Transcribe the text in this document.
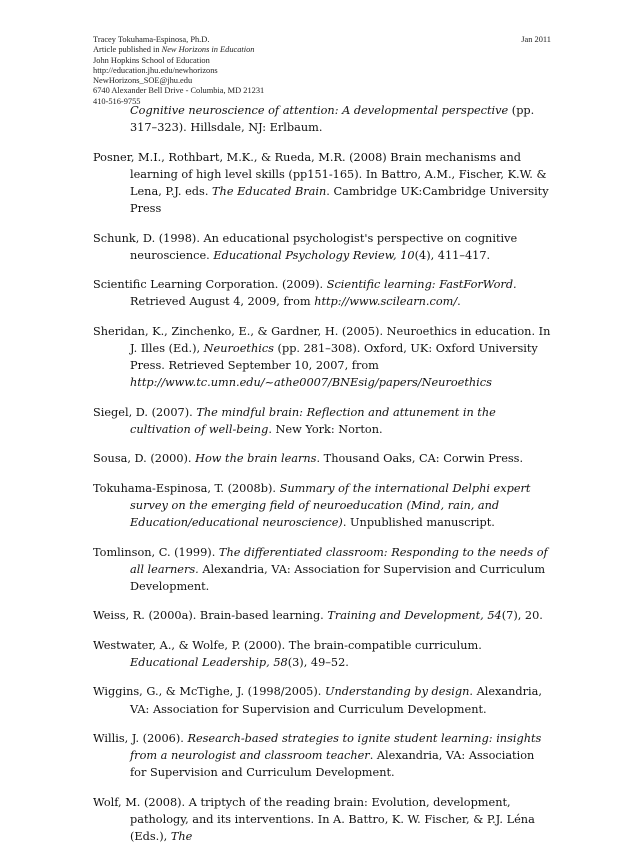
Tracey Tokuhama-Espinosa, Ph.D.	Jan 2011
Article published in New Horizons in Education
John Hopkins School of Education
http://education.jhu.edu/newhorizons
NewHorizons_SOE@jhu.edu
6740 Alexander Bell Drive - Columbia, MD 21231
410-516-9755
Cognitive neuroscience of attention: A developmental perspective (pp. 317–323). Hillsdale, NJ: Erlbaum.
Posner, M.I., Rothbart, M.K., & Rueda, M.R. (2008) Brain mechanisms and learning of high level skills (pp151-165). In Battro, A.M., Fischer, K.W. & Lena, P.J. eds. The Educated Brain. Cambridge UK:Cambridge University Press
Schunk, D. (1998). An educational psychologist's perspective on cognitive neuroscience. Educational Psychology Review, 10(4), 411–417.
Scientific Learning Corporation. (2009). Scientific learning: FastForWord. Retrieved August 4, 2009, from http://www.scilearn.com/.
Sheridan, K., Zinchenko, E., & Gardner, H. (2005). Neuroethics in education. In J. Illes (Ed.), Neuroethics (pp. 281–308). Oxford, UK: Oxford University Press. Retrieved September 10, 2007, from http://www.tc.umn.edu/~athe0007/BNEsig/papers/Neuroethics
Siegel, D. (2007). The mindful brain: Reflection and attunement in the cultivation of well-being. New York: Norton.
Sousa, D. (2000). How the brain learns. Thousand Oaks, CA: Corwin Press.
Tokuhama-Espinosa, T. (2008b). Summary of the international Delphi expert survey on the emerging field of neuroeducation (Mind, rain, and Education/educational neuroscience). Unpublished manuscript.
Tomlinson, C. (1999). The differentiated classroom: Responding to the needs of all learners. Alexandria, VA: Association for Supervision and Curriculum Development.
Weiss, R. (2000a). Brain-based learning. Training and Development, 54(7), 20.
Westwater, A., & Wolfe, P. (2000). The brain-compatible curriculum. Educational Leadership, 58(3), 49–52.
Wiggins, G., & McTighe, J. (1998/2005). Understanding by design. Alexandria, VA: Association for Supervision and Curriculum Development.
Willis, J. (2006). Research-based strategies to ignite student learning: insights from a neurologist and classroom teacher. Alexandria, VA: Association for Supervision and Curriculum Development.
Wolf, M. (2008). A triptych of the reading brain: Evolution, development, pathology, and its interventions. In A. Battro, K. W. Fischer, & P.J. Léna (Eds.), The
